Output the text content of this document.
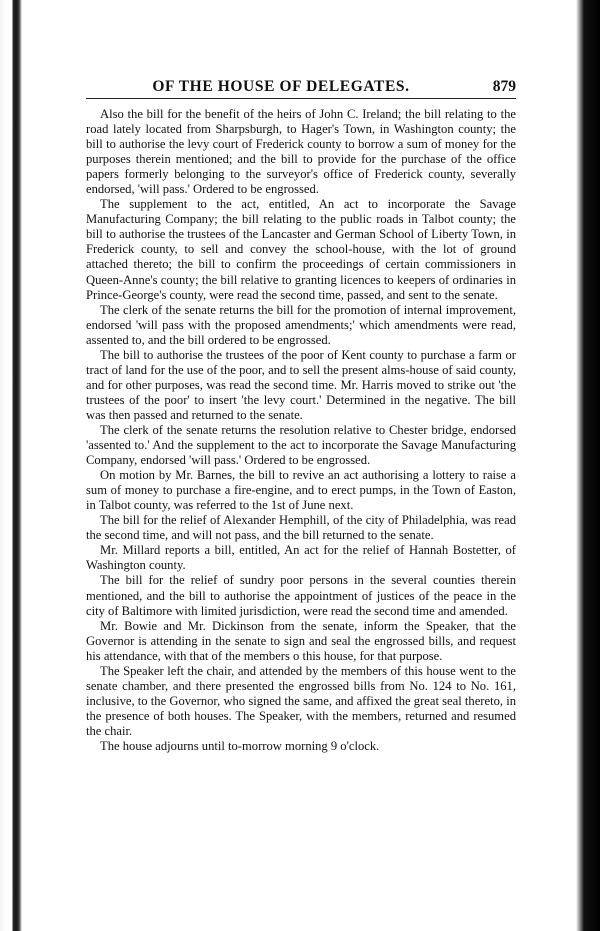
OF THE HOUSE OF DELEGATES.	879

Also the bill for the benefit of the heirs of John C. Ireland; the bill relating to the road lately located from Sharpsburgh, to Hager's Town, in Washington county; the bill to authorise the levy court of Frederick county to borrow a sum of money for the purposes therein mentioned; and the bill to provide for the purchase of the office papers formerly belonging to the surveyor's office of Frederick county, severally endorsed, 'will pass.' Ordered to be engrossed.

The supplement to the act, entitled, An act to incorporate the Savage Manufacturing Company; the bill relating to the public roads in Talbot county; the bill to authorise the trustees of the Lancaster and German School of Liberty Town, in Frederick county, to sell and convey the school-house, with the lot of ground attached thereto; the bill to confirm the proceedings of certain commissioners in Queen-Anne's county; the bill relative to granting licences to keepers of ordinaries in Prince-George's county, were read the second time, passed, and sent to the senate.

The clerk of the senate returns the bill for the promotion of internal improvement, endorsed 'will pass with the proposed amendments;' which amendments were read, assented to, and the bill ordered to be engrossed.

The bill to authorise the trustees of the poor of Kent county to purchase a farm or tract of land for the use of the poor, and to sell the present alms-house of said county, and for other purposes, was read the second time. Mr. Harris moved to strike out 'the trustees of the poor' to insert 'the levy court.' Determined in the negative. The bill was then passed and returned to the senate.

The clerk of the senate returns the resolution relative to Chester bridge, endorsed 'assented to.' And the supplement to the act to incorporate the Savage Manufacturing Company, endorsed 'will pass.' Ordered to be engrossed.

On motion by Mr. Barnes, the bill to revive an act authorising a lottery to raise a sum of money to purchase a fire-engine, and to erect pumps, in the Town of Easton, in Talbot county, was referred to the 1st of June next.

The bill for the relief of Alexander Hemphill, of the city of Philadelphia, was read the second time, and will not pass, and the bill returned to the senate.

Mr. Millard reports a bill, entitled, An act for the relief of Hannah Bostetter, of Washington county.

The bill for the relief of sundry poor persons in the several counties therein mentioned, and the bill to authorise the appointment of justices of the peace in the city of Baltimore with limited jurisdiction, were read the second time and amended.

Mr. Bowie and Mr. Dickinson from the senate, inform the Speaker, that the Governor is attending in the senate to sign and seal the engrossed bills, and request his attendance, with that of the members o this house, for that purpose.

The Speaker left the chair, and attended by the members of this house went to the senate chamber, and there presented the engrossed bills from No. 124 to No. 161, inclusive, to the Governor, who signed the same, and affixed the great seal thereto, in the presence of both houses. The Speaker, with the members, returned and resumed the chair.

The house adjourns until to-morrow morning 9 o'clock.
